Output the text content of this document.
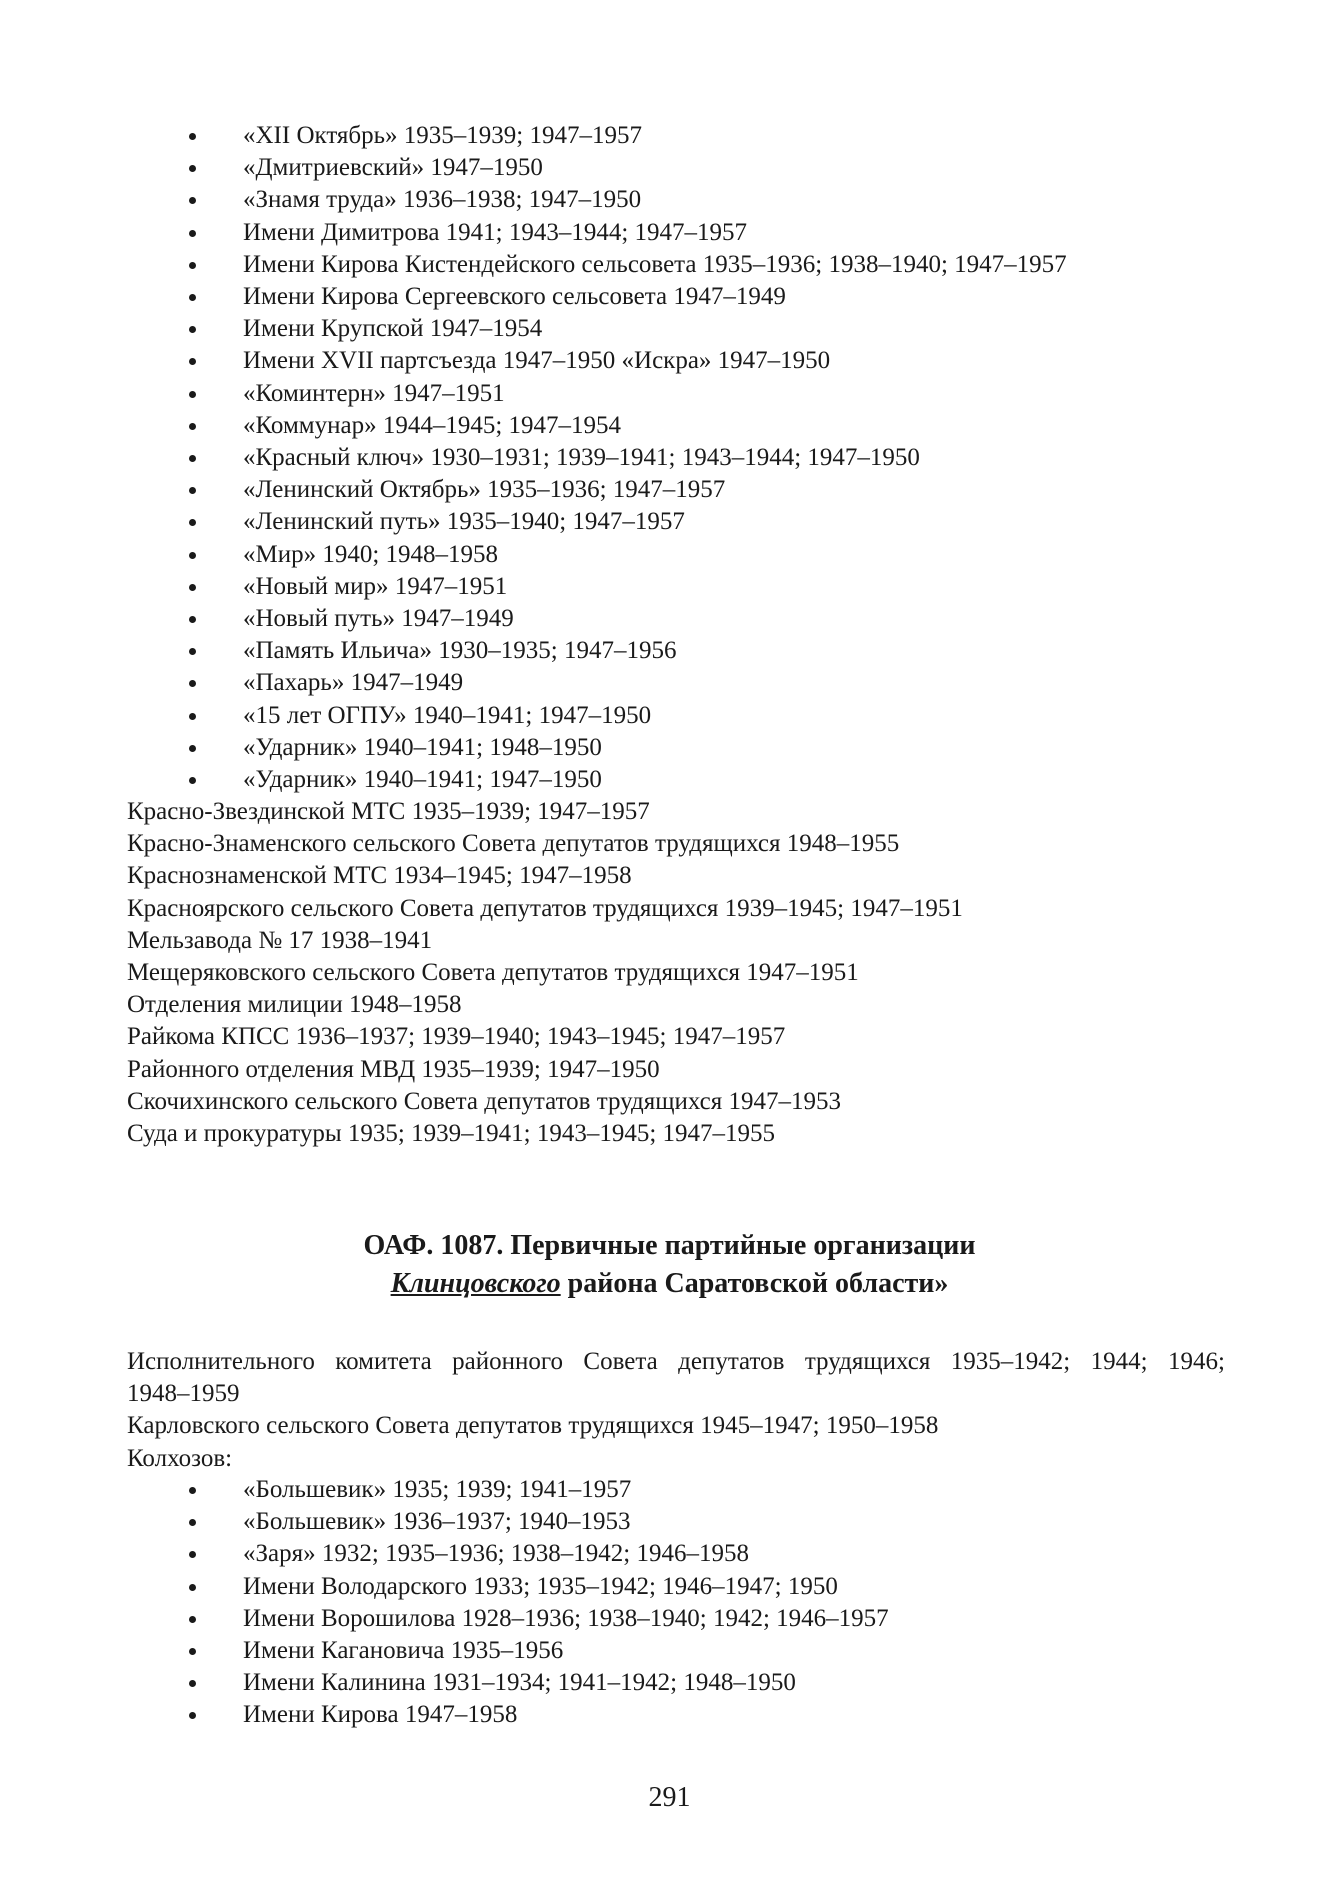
«XII Октябрь» 1935–1939; 1947–1957
«Дмитриевский» 1947–1950
«Знамя труда» 1936–1938; 1947–1950
Имени Димитрова 1941; 1943–1944; 1947–1957
Имени Кирова Кистендейского сельсовета 1935–1936; 1938–1940; 1947–1957
Имени Кирова Сергеевского сельсовета 1947–1949
Имени Крупской 1947–1954
Имени XVII партсъезда 1947–1950 «Искра» 1947–1950
«Коминтерн» 1947–1951
«Коммунар» 1944–1945; 1947–1954
«Красный ключ» 1930–1931; 1939–1941; 1943–1944; 1947–1950
«Ленинский Октябрь» 1935–1936; 1947–1957
«Ленинский путь» 1935–1940; 1947–1957
«Мир» 1940; 1948–1958
«Новый мир» 1947–1951
«Новый путь» 1947–1949
«Память Ильича» 1930–1935; 1947–1956
«Пахарь» 1947–1949
«15 лет ОГПУ» 1940–1941; 1947–1950
«Ударник» 1940–1941; 1948–1950
«Ударник» 1940–1941; 1947–1950
Красно-Звездинской МТС 1935–1939; 1947–1957
Красно-Знаменского сельского Совета депутатов трудящихся 1948–1955
Краснознаменской МТС 1934–1945; 1947–1958
Красноярского сельского Совета депутатов трудящихся 1939–1945; 1947–1951
Мельзавода № 17 1938–1941
Мещеряковского сельского Совета депутатов трудящихся 1947–1951
Отделения милиции 1948–1958
Райкома КПСС 1936–1937; 1939–1940; 1943–1945; 1947–1957
Районного отделения МВД 1935–1939; 1947–1950
Скочихинского сельского Совета депутатов трудящихся 1947–1953
Суда и прокуратуры 1935; 1939–1941; 1943–1945; 1947–1955
ОАФ. 1087. Первичные партийные организации
Клинцовского района Саратовской области»
Исполнительного комитета районного Совета депутатов трудящихся 1935–1942; 1944; 1946;
1948–1959
Карловского сельского Совета депутатов трудящихся 1945–1947; 1950–1958
Колхозов:
«Большевик» 1935; 1939; 1941–1957
«Большевик» 1936–1937; 1940–1953
«Заря» 1932; 1935–1936; 1938–1942; 1946–1958
Имени Володарского 1933; 1935–1942; 1946–1947; 1950
Имени Ворошилова 1928–1936; 1938–1940; 1942; 1946–1957
Имени Кагановича 1935–1956
Имени Калинина 1931–1934; 1941–1942; 1948–1950
Имени Кирова 1947–1958
291
